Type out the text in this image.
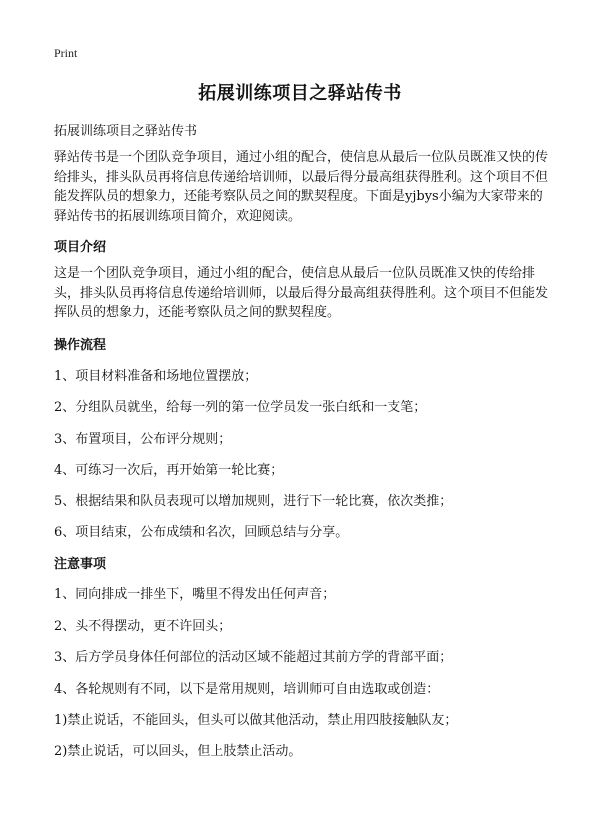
Print
拓展训练项目之驿站传书
拓展训练项目之驿站传书

驿站传书是一个团队竞争项目，通过小组的配合，使信息从最后一位队员既准又快的传给排头，排头队员再将信息传递给培训师，以最后得分最高组获得胜利。这个项目不但能发挥队员的想象力，还能考察队员之间的默契程度。下面是yjbys小编为大家带来的驿站传书的拓展训练项目简介，欢迎阅读。

项目介绍

这是一个团队竞争项目，通过小组的配合，使信息从最后一位队员既准又快的传给排头，排头队员再将信息传递给培训师，以最后得分最高组获得胜利。这个项目不但能发挥队员的想象力，还能考察队员之间的默契程度。

操作流程
1、项目材料准备和场地位置摆放；
2、分组队员就坐，给每一列的第一位学员发一张白纸和一支笔；
3、布置项目，公布评分规则；
4、可练习一次后，再开始第一轮比赛；
5、根据结果和队员表现可以增加规则，进行下一轮比赛，依次类推；
6、项目结束，公布成绩和名次，回顾总结与分享。
注意事项
1、同向排成一排坐下，嘴里不得发出任何声音；
2、头不得摆动，更不许回头；
3、后方学员身体任何部位的活动区域不能超过其前方学的背部平面；
4、各轮规则有不同，以下是常用规则，培训师可自由选取或创造：
1)禁止说话，不能回头，但头可以做其他活动，禁止用四肢接触队友；
2)禁止说话，可以回头，但上肢禁止活动。
